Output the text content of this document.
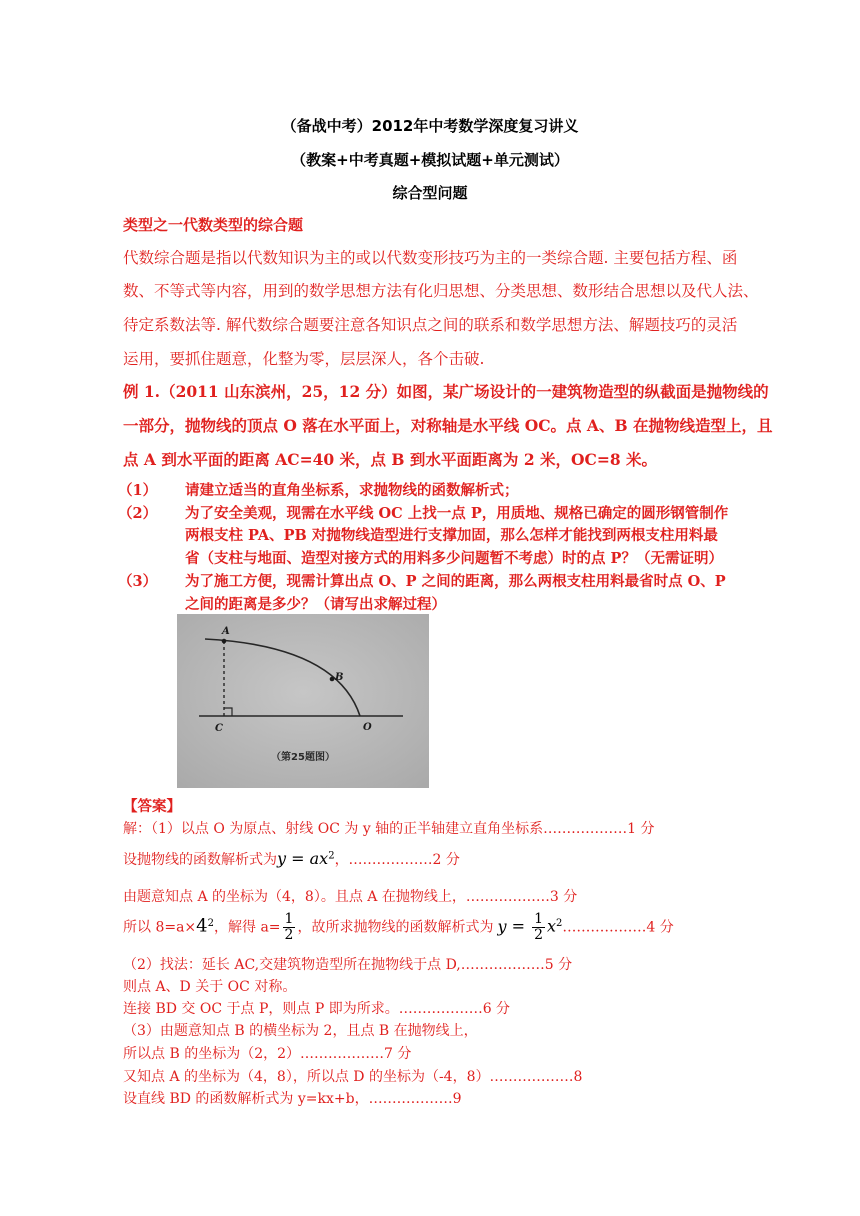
（备战中考）2012年中考数学深度复习讲义
（教案+中考真题+模拟试题+单元测试）
综合型问题
类型之一代数类型的综合题
代数综合题是指以代数知识为主的或以代数变形技巧为主的一类综合题. 主要包括方程、函
数、不等式等内容，用到的数学思想方法有化归思想、分类思想、数形结合思想以及代人法、
待定系数法等. 解代数综合题要注意各知识点之间的联系和数学思想方法、解题技巧的灵活
运用，要抓住题意，化整为零，层层深人，各个击破.
例 1.（2011 山东滨州，25，12 分）如图，某广场设计的一建筑物造型的纵截面是抛物线的
一部分，抛物线的顶点 O 落在水平面上，对称轴是水平线 OC。点 A、B 在抛物线造型上，且
点 A 到水平面的距离 AC=40 米，点 B 到水平面距离为 2 米，OC=8 米。
（1） 请建立适当的直角坐标系，求抛物线的函数解析式；
（2） 为了安全美观，现需在水平线 OC 上找一点 P，用质地、规格已确定的圆形钢管制作
两根支柱 PA、PB 对抛物线造型进行支撑加固，那么怎样才能找到两根支柱用料最
省（支柱与地面、造型对接方式的用料多少问题暂不考虑）时的点 P？（无需证明）
（3） 为了施工方便，现需计算出点 O、P 之间的距离，那么两根支柱用料最省时点 O、P
之间的距离是多少？（请写出求解过程）
A
B
C	O
（第25题图）
【答案】
解：（1）以点 O 为原点、射线 OC 为 y 轴的正半轴建立直角坐标系………………1 分
设抛物线的函数解析式为$y = ax^2$，………………2 分
由题意知点 A 的坐标为（4，8）。且点 A 在抛物线上，………………3 分
所以 $8=a\times 4^2$，解得 $a= \frac{1}{2}$ ，故所求抛物线的函数解析式为 $y = \frac{1}{2}$ $x^2\dots\dots\dots\dots\dots\dots 4$ 分
（2）找法：延长 AC,交建筑物造型所在抛物线于点 D,………………5 分
则点 A、D 关于 OC 对称。
连接 BD 交 OC 于点 P，则点 P 即为所求。………………6 分
（3）由题意知点 B 的横坐标为 2，且点 B 在抛物线上，
所以点 B 的坐标为（2，2）………………7 分
又知点 A 的坐标为（4，8），所以点 D 的坐标为（-4，8）………………8
设直线 BD 的函数解析式为 y=kx+b，………………9
